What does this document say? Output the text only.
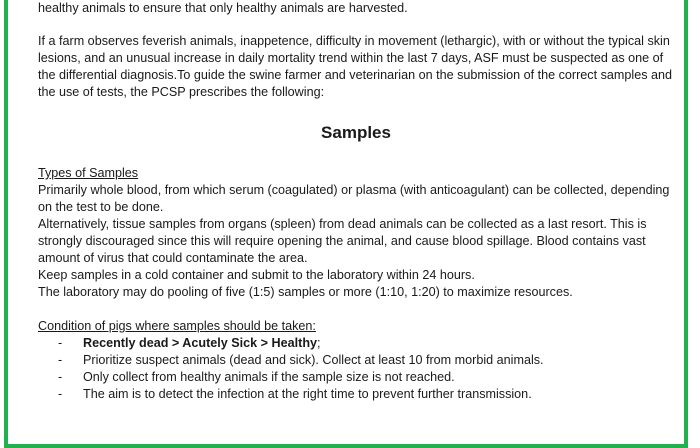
healthy animals to ensure that only healthy animals are harvested.

If a farm observes feverish animals, inappetence, difficulty in movement (lethargic), with or without the typical skin lesions, and an unusual increase in daily mortality trend within the last 7 days, ASF must be suspected as one of the differential diagnosis.To guide the swine farmer and veterinarian on the submission of the correct samples and the use of tests, the PCSP prescribes the following:

Samples

Types of Samples

Primarily whole blood, from which serum (coagulated) or plasma (with anticoagulant) can be collected, depending on the test to be done.

Alternatively, tissue samples from organs (spleen) from dead animals can be collected as a last resort. This is strongly discouraged since this will require opening the animal, and cause blood spillage. Blood contains vast amount of virus that could contaminate the area.

Keep samples in a cold container and submit to the laboratory within 24 hours.

The laboratory may do pooling of five (1:5) samples or more (1:10, 1:20) to maximize resources.

Condition of pigs where samples should be taken:

- Recently dead > Acutely Sick > Healthy;
- Prioritize suspect animals (dead and sick). Collect at least 10 from morbid animals.
- Only collect from healthy animals if the sample size is not reached.
- The aim is to detect the infection at the right time to prevent further transmission.
